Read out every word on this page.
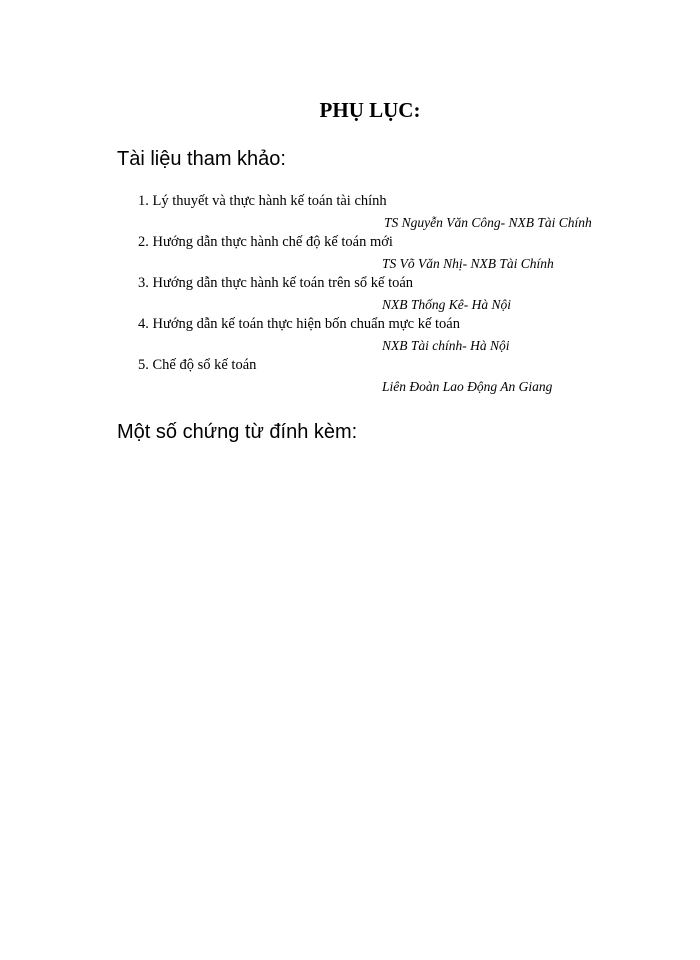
PHỤ LỤC:
Tài liệu tham khảo:
1. Lý thuyết và thực hành kế toán tài chính
TS Nguyễn Văn Công- NXB Tài Chính
2. Hướng dẫn thực hành chế độ kế toán mới
TS Võ Văn Nhị- NXB Tài Chính
3. Hướng dẫn thực hành kế toán trên sổ kế toán
NXB Thống Kê- Hà Nội
4. Hướng dẫn kế toán thực hiện bốn chuẩn mực kế toán
NXB Tài chính- Hà Nội
5. Chế độ sổ kế toán
Liên Đoàn Lao Động An Giang
Một số chứng từ đính kèm:
